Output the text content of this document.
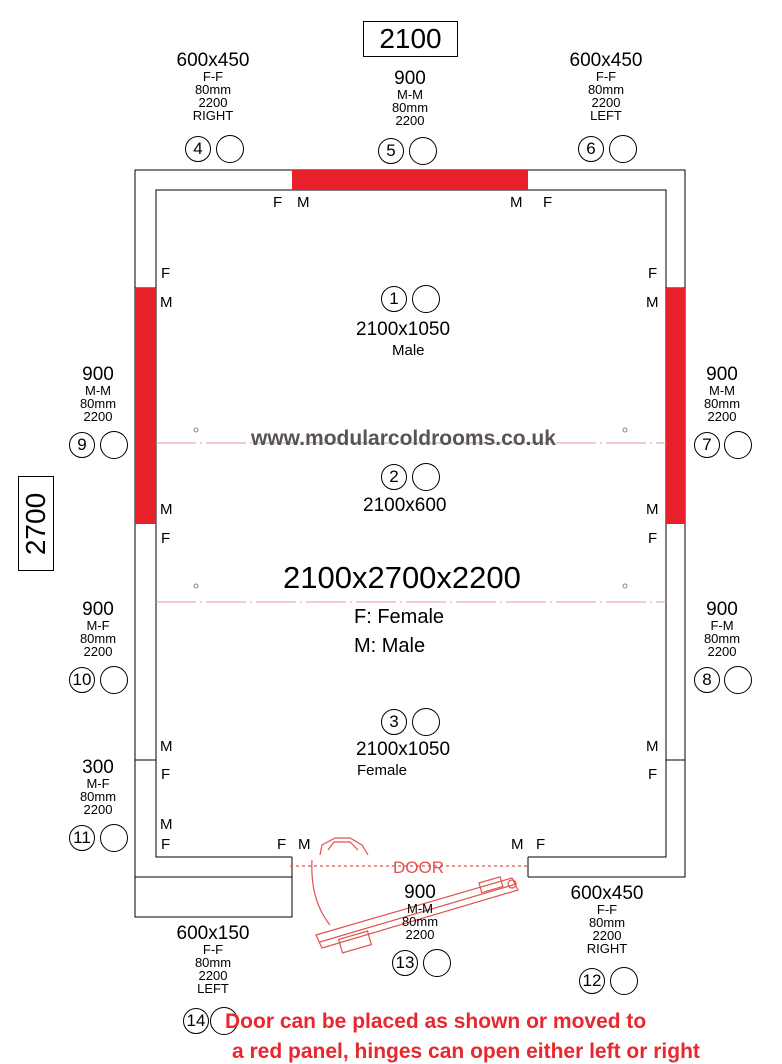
2100
2700
www.modularcoldrooms.co.uk
1
2100x1050
Male
2
2100x600
2100x2700x2200
F: Female
M: Male
3
2100x1050
Female
600x450
F-F
80mm
2200
RIGHT
4
900
M-M
80mm
2200
5
600x450
F-F
80mm
2200
LEFT
6
900
M-M
80mm
2200
9
900
M-M
80mm
2200
7
900
M-F
80mm
2200
10
900
F-M
80mm
2200
8
300
M-F
80mm
2200
11
900
M-M
80mm
2200
13
600x450
F-F
80mm
2200
RIGHT
12
600x150
F-F
80mm
2200
LEFT
14
DOOR
Door can be placed as shown or moved to
a red panel, hinges can open either left or right
F M	M F
F
M
M
F
F
M
M
F
M
F
M
F
M
F	F M	M F
